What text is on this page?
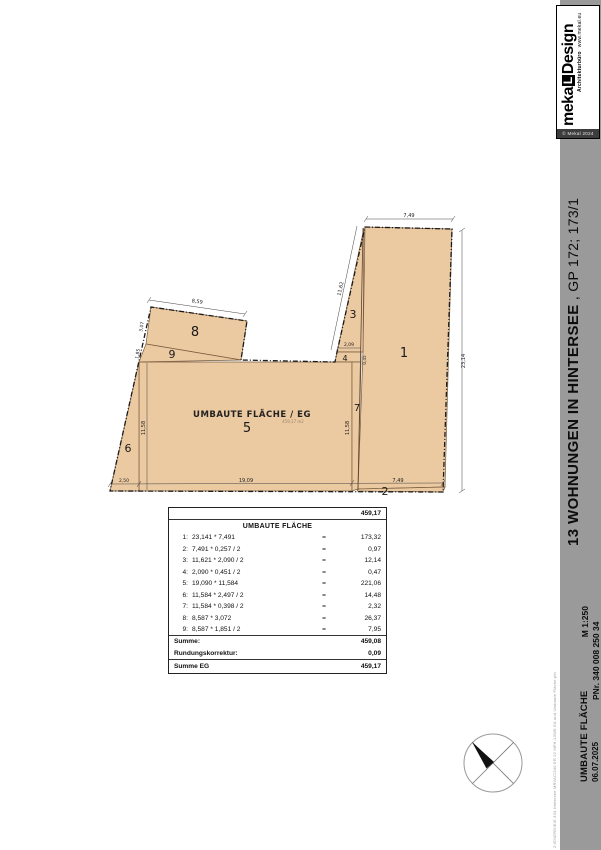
7,49
23,14
11,62
2,09
0,45
11,58	11,58
2,50	19,09	7,49
8,59
3,07
1,85	1
2
3
4
5
6
7
8
9
UMBAUTE FLÄCHE / EG
459,17 m2
459,17
UMBAUTE FLÄCHE
1: 23,141 * 7,491	=	173,32
2: 7,491 * 0,257 / 2	=	0,97
3: 11,621 * 2,090 / 2	=	12,14
4: 2,090 * 0,451 / 2	=	0,47
5: 19,090 * 11,584	=	221,06
6: 11,584 * 2,497 / 2	=	14,48
7: 11,584 * 0,398 / 2	=	2,32
8: 8,587 * 3,072	=	26,37
9: 8,587 * 1,851 / 2	=	7,95
Summe:	459,08
Rundungskorrektur:	0,09
Summe EG	459,17
Z:\ENERGIE\E.334 Hintersee MRVAC\340 ER 22 MFH-13WE EA und Umbaute Fläche.pln
13 WOHNUNGEN IN HINTERSEE , GP 172; 173/1
UMBAUTE FLÄCHE
M 1:250
06.07.2025
PNr. 340 008 250 34
© Mekal 2024
mekaLDesign Architekturbürowww.mekal.eu
